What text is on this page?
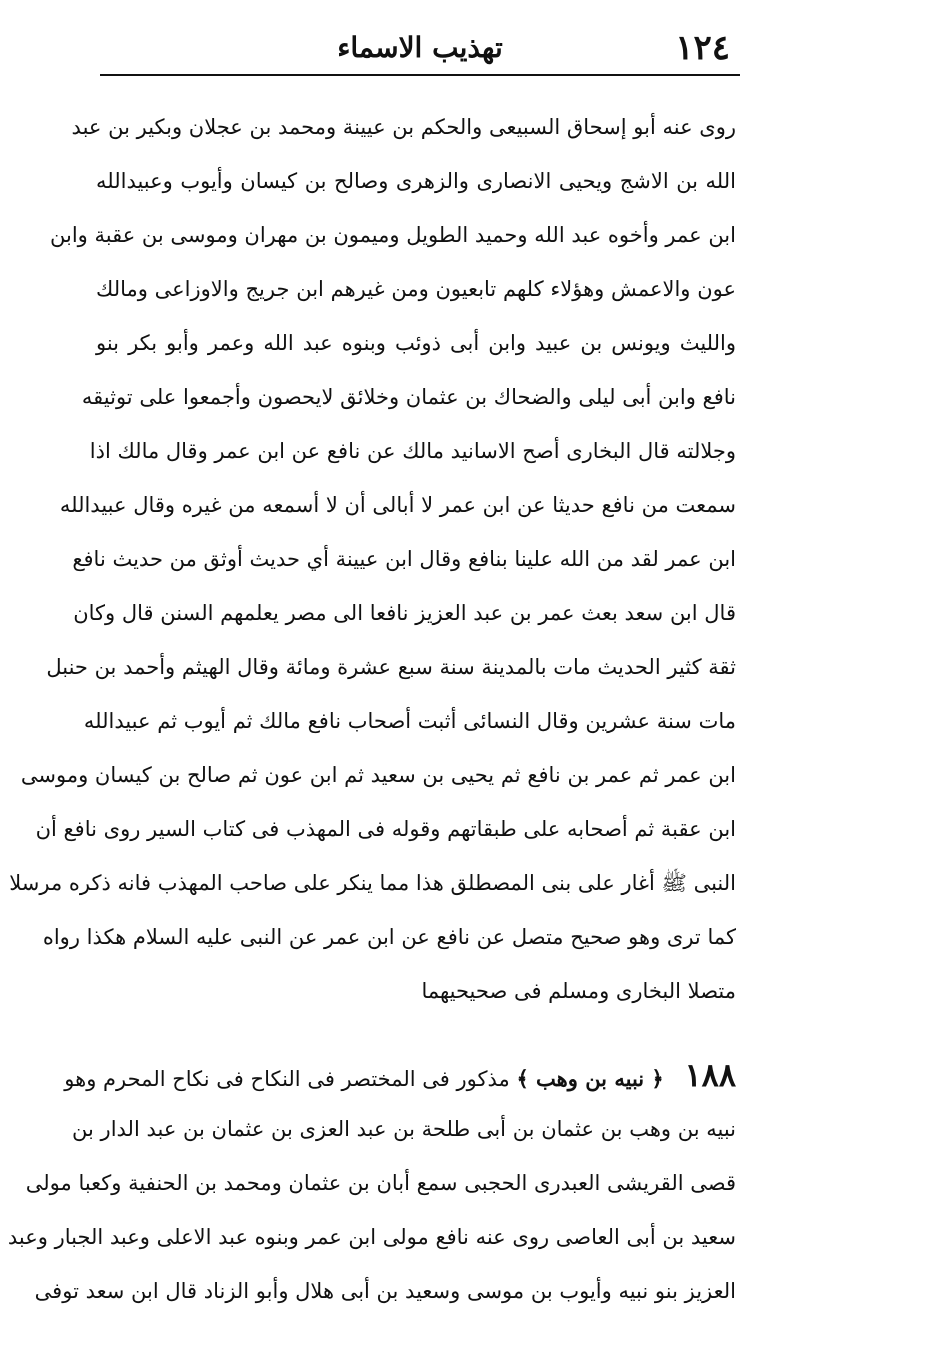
١٢٤
تهذيب الاسماء
روى عنه أبو إسحاق السبيعى والحكم بن عيينة ومحمد بن عجلان وبكير بن عبد
الله بن الاشج ويحيى الانصارى والزهرى وصالح بن كيسان وأيوب وعبيدالله
ابن عمر وأخوه عبد الله وحميد الطويل وميمون بن مهران وموسى بن عقبة وابن
عون والاعمش وهؤلاء كلهم تابعيون ومن غيرهم ابن جريج والاوزاعى ومالك
والليث ويونس بن عبيد وابن أبى ذوئب وبنوه عبد الله وعمر وأبو بكر بنو
نافع وابن أبى ليلى والضحاك بن عثمان وخلائق لايحصون وأجمعوا على توثيقه
وجلالته قال البخارى أصح الاسانيد مالك عن نافع عن ابن عمر وقال مالك اذا
سمعت من نافع حديثا عن ابن عمر لا أبالى أن لا أسمعه من غيره وقال عبيدالله
ابن عمر لقد من الله علينا بنافع وقال ابن عيينة أي حديث أوثق من حديث نافع
قال ابن سعد بعث عمر بن عبد العزيز نافعا الى مصر يعلمهم السنن قال وكان
ثقة كثير الحديث مات بالمدينة سنة سبع عشرة ومائة وقال الهيثم وأحمد بن حنبل
مات سنة عشرين وقال النسائى أثبت أصحاب نافع مالك ثم أيوب ثم عبيدالله
ابن عمر ثم عمر بن نافع ثم يحيى بن سعيد ثم ابن عون ثم صالح بن كيسان وموسى
ابن عقبة ثم أصحابه على طبقاتهم وقوله فى المهذب فى كتاب السير روى نافع أن
النبى ﷺ أغار على بنى المصطلق هذا مما ينكر على صاحب المهذب فانه ذكره مرسلا
كما ترى وهو صحيح متصل عن نافع عن ابن عمر عن النبى عليه السلام هكذا رواه
متصلا البخارى ومسلم فى صحيحيهما
١٨٨ ﴿ نبيه بن وهب ﴾ مذكور فى المختصر فى النكاح فى نكاح المحرم وهو
نبيه بن وهب بن عثمان بن أبى طلحة بن عبد العزى بن عثمان بن عبد الدار بن
قصى القريشى العبدرى الحجبى سمع أبان بن عثمان ومحمد بن الحنفية وكعبا مولى
سعيد بن أبى العاصى روى عنه نافع مولى ابن عمر وبنوه عبد الاعلى وعبد الجبار وعبد
العزيز بنو نبيه وأيوب بن موسى وسعيد بن أبى هلال وأبو الزناد قال ابن سعد توفى
